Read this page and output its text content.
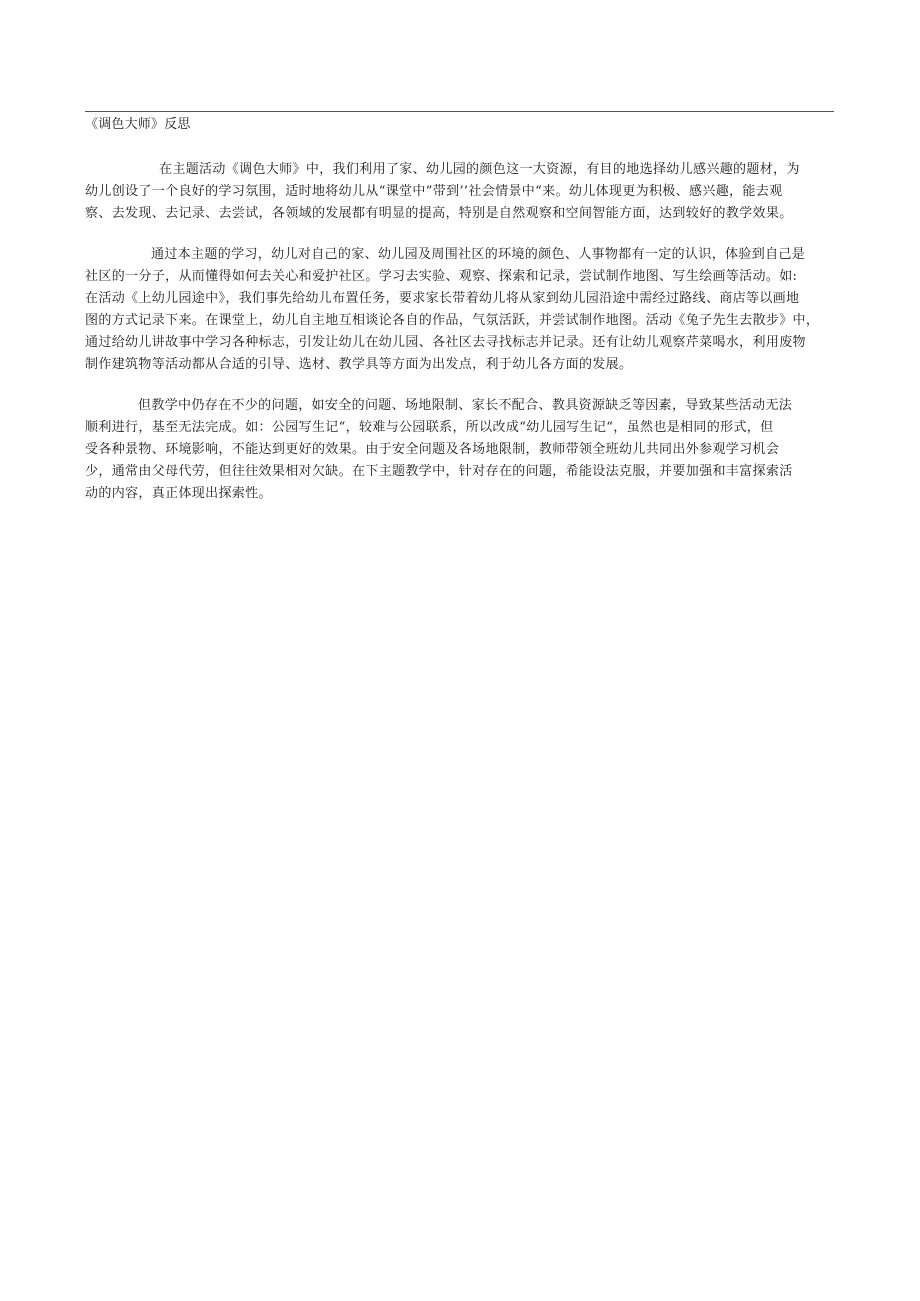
《调色大师》反思
在主题活动《调色大师》中，我们利用了家、幼儿园的颜色这一大资源，有目的地选择幼儿感兴趣的题材，为
幼儿创设了一个良好的学习氛围，适时地将幼儿从“课堂中”带到’’社会情景中“来。幼儿体现更为积极、感兴趣，能去观
察、去发现、去记录、去尝试，各领域的发展都有明显的提高，特别是自然观察和空间智能方面，达到较好的教学效果。
通过本主题的学习，幼儿对自己的家、幼儿园及周围社区的环境的颜色、人事物都有一定的认识，体验到自己是
社区的一分子，从而懂得如何去关心和爱护社区。学习去实验、观察、探索和记录，尝试制作地图、写生绘画等活动。如:
在活动《上幼儿园途中》，我们事先给幼儿布置任务，要求家长带着幼儿将从家到幼儿园沿途中需经过路线、商店等以画地
图的方式记录下来。在课堂上，幼儿自主地互相谈论各自的作品，气氛活跃，并尝试制作地图。活动《兔子先生去散步》中，
通过给幼儿讲故事中学习各种标志，引发让幼儿在幼儿园、各社区去寻找标志并记录。还有让幼儿观察芹菜喝水，利用废物
制作建筑物等活动都从合适的引导、选材、教学具等方面为出发点，利于幼儿各方面的发展。
但教学中仍存在不少的问题，如安全的问题、场地限制、家长不配合、教具资源缺乏等因素，导致某些活动无法
顺利进行，基至无法完成。如：公园写生记“，较难与公园联系，所以改成“幼儿园写生记“，虽然也是相同的形式，但
受各种景物、环境影响，不能达到更好的效果。由于安全问题及各场地限制，教师带领全班幼儿共同出外参观学习机会
少，通常由父母代劳，但往往效果相对欠缺。在下主题教学中，针对存在的问题，希能设法克服，并要加强和丰富探索活
动的内容，真正体现出探索性。
